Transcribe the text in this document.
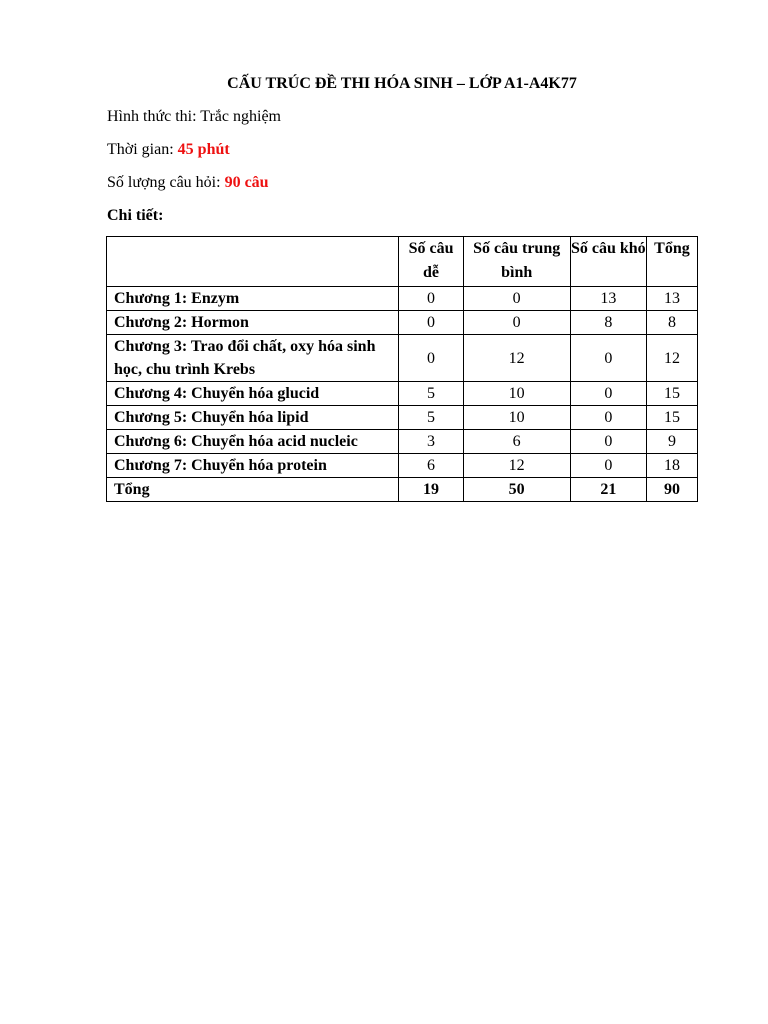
CẤU TRÚC ĐỀ THI HÓA SINH – LỚP A1-A4K77
Hình thức thi: Trắc nghiệm
Thời gian: 45 phút
Số lượng câu hỏi: 90 câu
Chi tiết:
	Số câu dễ	Số câu trung bình	Số câu khó	Tổng
Chương 1: Enzym	0	0	13	13
Chương 2: Hormon	0	0	8	8
Chương 3: Trao đổi chất, oxy hóa sinh học, chu trình Krebs	0	12	0	12
Chương 4: Chuyển hóa glucid	5	10	0	15
Chương 5: Chuyển hóa lipid	5	10	0	15
Chương 6: Chuyển hóa acid nucleic	3	6	0	9
Chương 7: Chuyển hóa protein	6	12	0	18
Tổng	19	50	21	90
